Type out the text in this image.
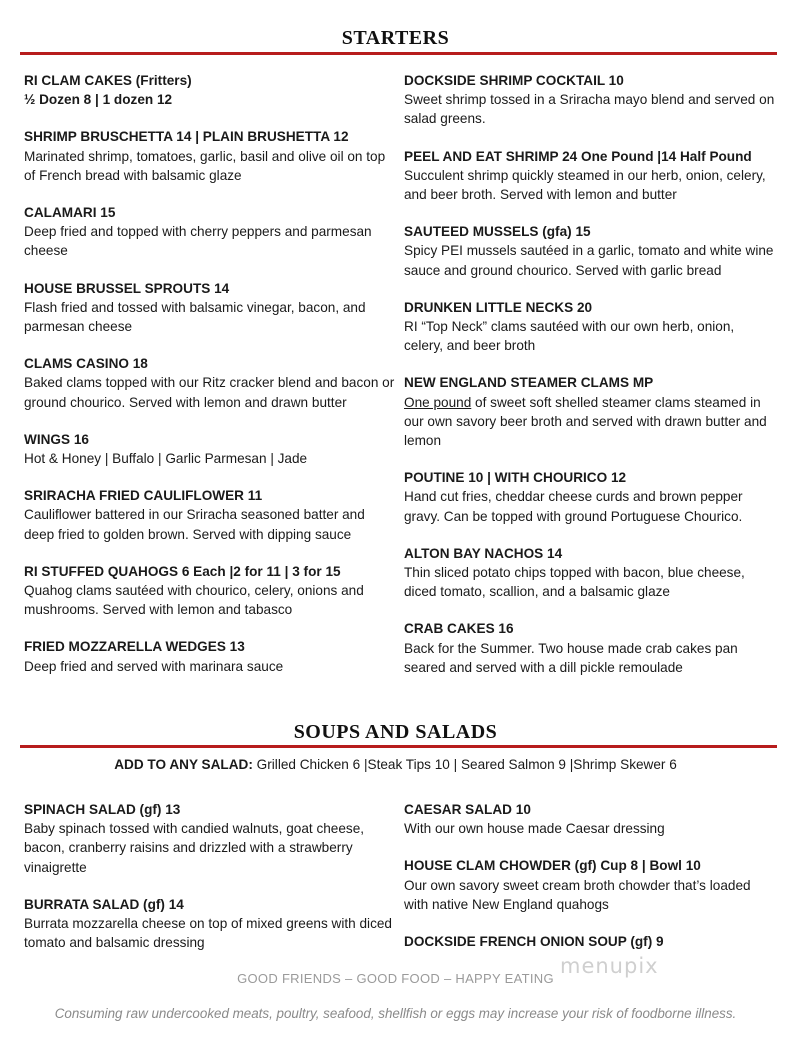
STARTERS
RI CLAM CAKES (Fritters)
½ Dozen 8 | 1 dozen 12
SHRIMP BRUSCHETTA 14 | PLAIN BRUSHETTA 12
Marinated shrimp, tomatoes, garlic, basil and olive oil on top of French bread with balsamic glaze
CALAMARI 15
Deep fried and topped with cherry peppers and parmesan cheese
HOUSE BRUSSEL SPROUTS 14
Flash fried and tossed with balsamic vinegar, bacon, and parmesan cheese
CLAMS CASINO 18
Baked clams topped with our Ritz cracker blend and bacon or ground chourico. Served with lemon and drawn butter
WINGS 16
Hot & Honey | Buffalo | Garlic Parmesan | Jade
SRIRACHA FRIED CAULIFLOWER 11
Cauliflower battered in our Sriracha seasoned batter and deep fried to golden brown. Served with dipping sauce
RI STUFFED QUAHOGS 6 Each |2 for 11 | 3 for 15
Quahog clams sautéed with chourico, celery, onions and mushrooms. Served with lemon and tabasco
FRIED MOZZARELLA WEDGES 13
Deep fried and served with marinara sauce
DOCKSIDE SHRIMP COCKTAIL 10
Sweet shrimp tossed in a Sriracha mayo blend and served on salad greens.
PEEL AND EAT SHRIMP 24 One Pound |14 Half Pound
Succulent shrimp quickly steamed in our herb, onion, celery, and beer broth. Served with lemon and butter
SAUTEED MUSSELS (gfa) 15
Spicy PEI mussels sautéed in a garlic, tomato and white wine sauce and ground chourico. Served with garlic bread
DRUNKEN LITTLE NECKS 20
RI “Top Neck” clams sautéed with our own herb, onion, celery, and beer broth
NEW ENGLAND STEAMER CLAMS MP
One pound of sweet soft shelled steamer clams steamed in our own savory beer broth and served with drawn butter and lemon
POUTINE 10 | WITH CHOURICO 12
Hand cut fries, cheddar cheese curds and brown pepper gravy. Can be topped with ground Portuguese Chourico.
ALTON BAY NACHOS 14
Thin sliced potato chips topped with bacon, blue cheese, diced tomato, scallion, and a balsamic glaze
CRAB CAKES 16
Back for the Summer. Two house made crab cakes pan seared and served with a dill pickle remoulade
SOUPS AND SALADS
ADD TO ANY SALAD: Grilled Chicken 6 |Steak Tips 10 | Seared Salmon 9 |Shrimp Skewer 6
SPINACH SALAD (gf) 13
Baby spinach tossed with candied walnuts, goat cheese, bacon, cranberry raisins and drizzled with a strawberry vinaigrette
BURRATA SALAD (gf) 14
Burrata mozzarella cheese on top of mixed greens with diced tomato and balsamic dressing
CAESAR SALAD 10
With our own house made Caesar dressing
HOUSE CLAM CHOWDER (gf) Cup 8 | Bowl 10
Our own savory sweet cream broth chowder that’s loaded with native New England quahogs
DOCKSIDE FRENCH ONION SOUP (gf) 9
GOOD FRIENDS – GOOD FOOD – HAPPY EATING
menupix
Consuming raw undercooked meats, poultry, seafood, shellfish or eggs may increase your risk of foodborne illness.
